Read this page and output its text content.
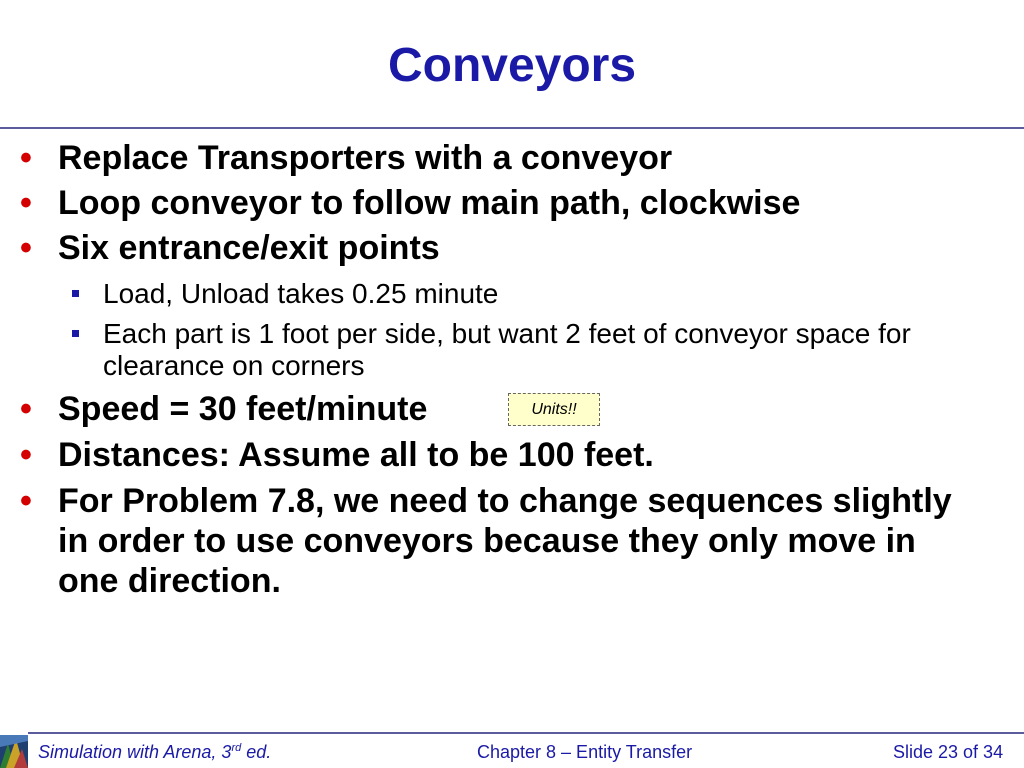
Conveyors
• Replace Transporters with a conveyor
• Loop conveyor to follow main path, clockwise
• Six entrance/exit points
Load, Unload takes 0.25 minute
Each part is 1 foot per side, but want 2 feet of conveyor space for clearance on corners
• Speed = 30 feet/minute
• Distances: Assume all to be 100 feet.
• For Problem 7.8, we need to change sequences slightly in order to use conveyors because they only move in one direction.
Units!!
Simulation with Arena, 3rd ed.	Chapter 8 – Entity Transfer	Slide 23 of 34
